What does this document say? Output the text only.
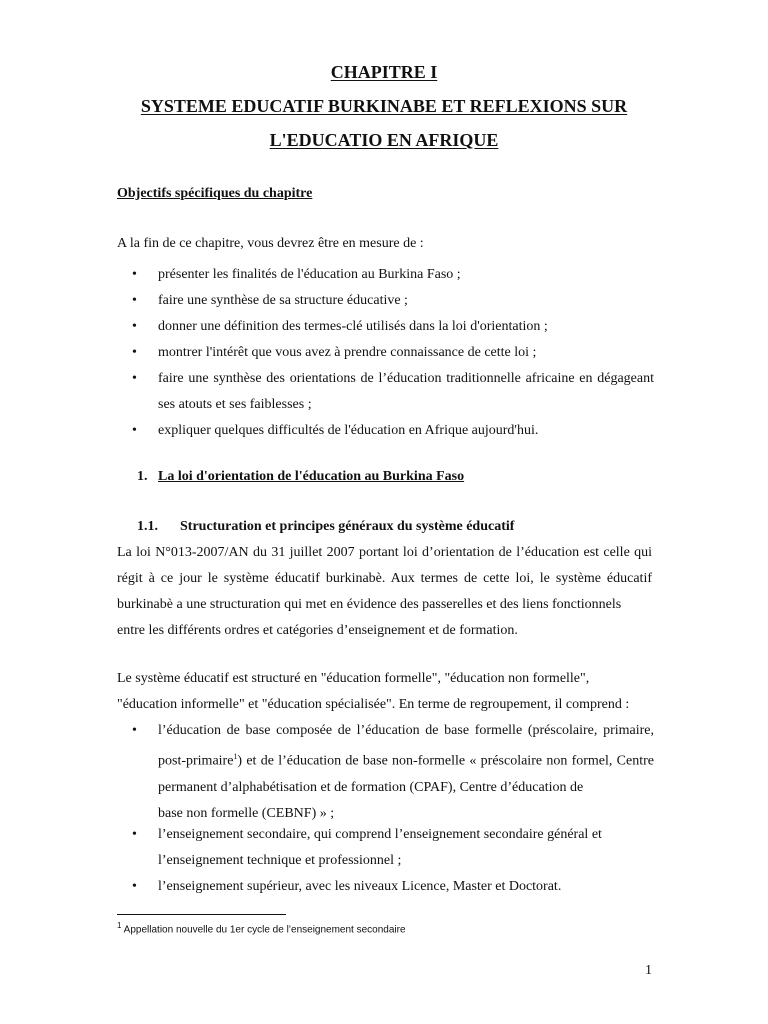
CHAPITRE I
SYSTEME EDUCATIF BURKINABE ET REFLEXIONS SUR
L'EDUCATIO EN AFRIQUE
Objectifs spécifiques du chapitre
A la fin de ce chapitre, vous devrez être en mesure de :
• présenter les finalités de l'éducation au Burkina Faso ;
• faire une synthèse de sa structure éducative ;
• donner une définition des termes-clé utilisés dans la loi d'orientation ;
• montrer l'intérêt que vous avez à prendre connaissance de cette loi ;
• faire une synthèse des orientations de l’éducation traditionnelle africaine en dégageant ses atouts et ses faiblesses ;
• expliquer quelques difficultés de l'éducation en Afrique aujourd'hui.
1. La loi d'orientation de l'éducation au Burkina Faso
1.1. Structuration et principes généraux du système éducatif
La loi N°013-2007/AN du 31 juillet 2007 portant loi d’orientation de l’éducation est celle qui régit à ce jour le système éducatif burkinabè. Aux termes de cette loi, le système éducatif burkinabè a une structuration qui met en évidence des passerelles et des liens fonctionnels
entre les différents ordres et catégories d’enseignement et de formation.
Le système éducatif est structuré en "éducation formelle", "éducation non formelle",
"éducation informelle" et "éducation spécialisée". En terme de regroupement, il comprend :
• l’éducation de base composée de l’éducation de base formelle (préscolaire, primaire, post-primaire$^1$) et de l’éducation de base non-formelle « préscolaire non formel, Centre permanent d’alphabétisation et de formation (CPAF), Centre d’éducation de
base non formelle (CEBNF) » ;
• l’enseignement secondaire, qui comprend l’enseignement secondaire général et
l’enseignement technique et professionnel ;
• l’enseignement supérieur, avec les niveaux Licence, Master et Doctorat.
$^1$ Appellation nouvelle du 1er cycle de l’enseignement secondaire
1
